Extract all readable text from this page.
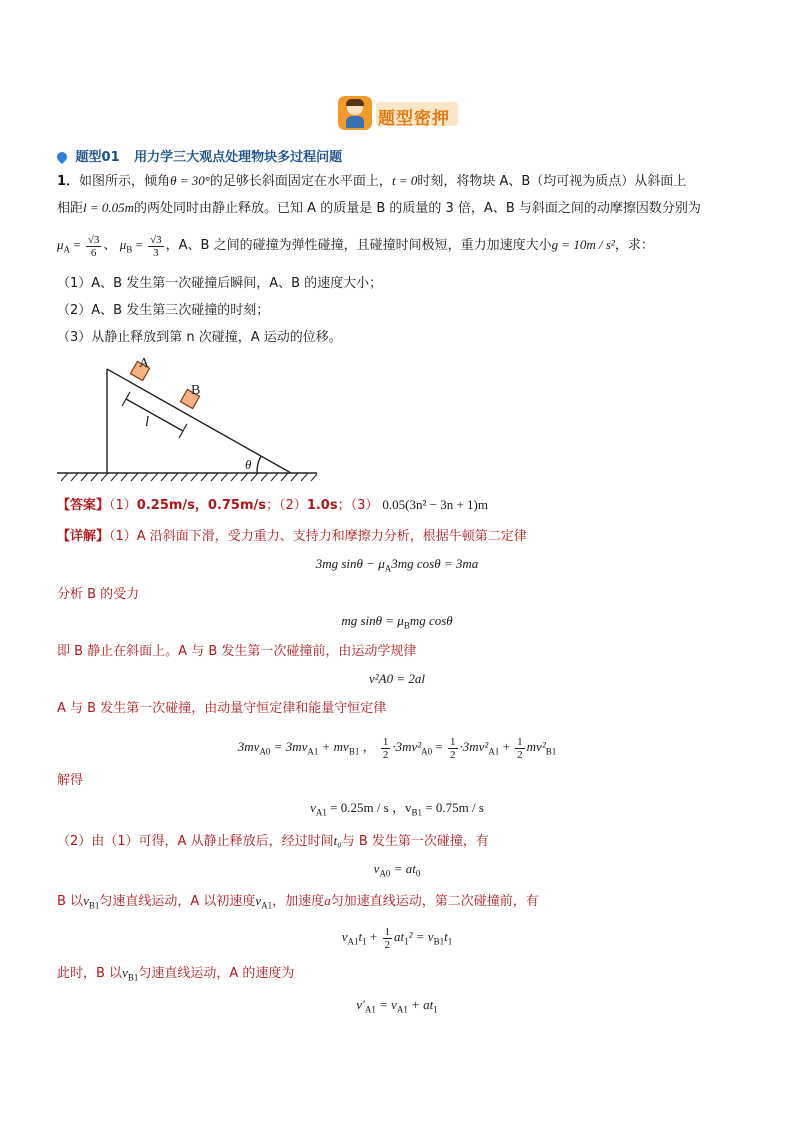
题型密押
题型01 用力学三大观点处理物块多过程问题
1．如图所示，倾角θ = 30°的足够长斜面固定在水平面上，t = 0时刻，将物块 A、B（均可视为质点）从斜面上
相距l = 0.05m的两处同时由静止释放。已知 A 的质量是 B 的质量的 3 倍，A、B 与斜面之间的动摩擦因数分别为
$\mu_A = \frac{√3}{6}$ 、 $\mu_B = \frac{√3}{3}$ ，A、B 之间的碰撞为弹性碰撞，且碰撞时间极短，重力加速度大小g = 10m / s²，求：
（1）A、B 发生第一次碰撞后瞬间，A、B 的速度大小；
（2）A、B 发生第三次碰撞的时刻；
（3）从静止释放到第 n 次碰撞，A 运动的位移。
A
B
l
θ
【答案】（1）0.25m/s，0.75m/s；（2）1.0s；（3） 0.05(3n² − 3n + 1)m
【详解】（1）A 沿斜面下滑，受力重力、支持力和摩擦力分析，根据牛顿第二定律
3mg $\sin\theta - \mu_A3mg$ cosθ = 3ma
分析 B 的受力
mg $\sin\theta = \mu_Bmg$ cosθ
即 B 静止在斜面上。A 与 B 发生第一次碰撞前，由运动学规律
v²A0 = 2al
A 与 B 发生第一次碰撞，由动量守恒定律和能量守恒定律
$3mv_{A0} = 3mv_{A1} + mv_{B1}$ ， $\frac{1}{2} \cdot 3mv^2_{A0} = \frac{1}{2} \cdot 3mv^2_{A1} + \frac{1}{2} mv^2_{B1}$
解得
$v_{A1} = 0.25m / s$ ，$v_{B1} = 0.75m / s$
（2）由（1）可得，A 从静止释放后，经过时间t₀与 B 发生第一次碰撞，有
$v_{A0} = at_0$
B 以$v_{B1}$匀速直线运动，A 以初速度$v_{A1}$，加速度a匀加速直线运动，第二次碰撞前，有
$v_{A1}t_1 + \frac{1}{2} at_1^2 = v_{B1}t_1$
此时，B 以$v_{B1}$匀速直线运动，A 的速度为
$v'_{A1} = v_{A1} + at_1$
